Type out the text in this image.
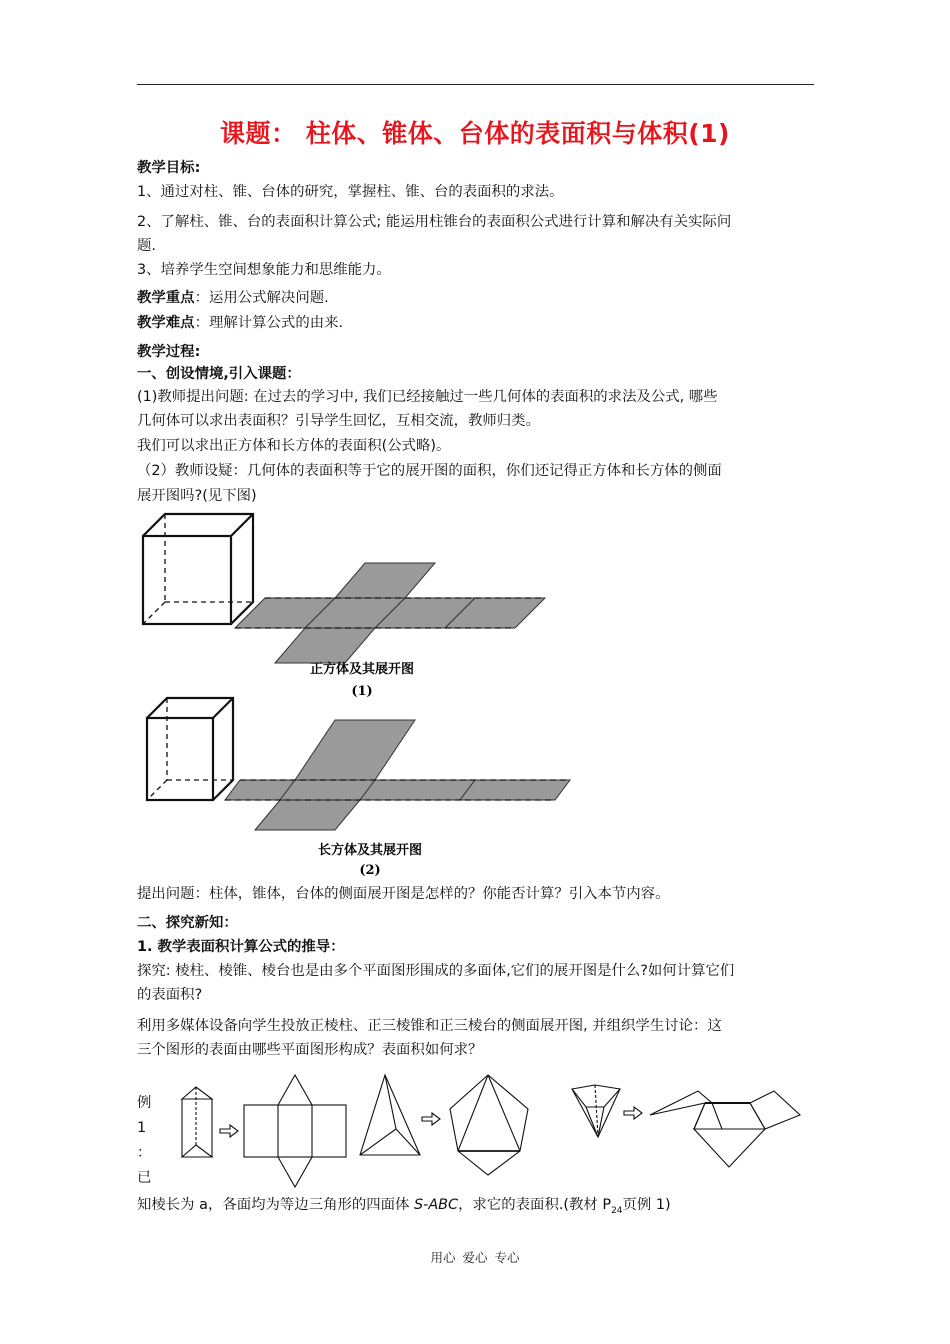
课题： 柱体、锥体、台体的表面积与体积(1)
教学目标:
1、通过对柱、锥、台体的研究，掌握柱、锥、台的表面积的求法。
2、了解柱、锥、台的表面积计算公式; 能运用柱锥台的表面积公式进行计算和解决有关实际问
题.
3、培养学生空间想象能力和思维能力。
教学重点：运用公式解决问题.
教学难点：理解计算公式的由来.
教学过程:
一、创设情境,引入课题：
(1)教师提出问题: 在过去的学习中, 我们已经接触过一些几何体的表面积的求法及公式, 哪些
几何体可以求出表面积？引导学生回忆，互相交流，教师归类。
我们可以求出正方体和长方体的表面积(公式略)。
（2）教师设疑：几何体的表面积等于它的展开图的面积，你们还记得正方体和长方体的侧面
展开图吗?(见下图)
正方体及其展开图
(1)
长方体及其展开图
(2)
提出问题：柱体，锥体，台体的侧面展开图是怎样的？你能否计算？引入本节内容。
二、探究新知：
1. 教学表面积计算公式的推导：
探究: 棱柱、棱锥、棱台也是由多个平面图形围成的多面体,它们的展开图是什么?如何计算它们
的表面积?
利用多媒体设备向学生投放正棱柱、正三棱锥和正三棱台的侧面展开图, 并组织学生讨论：这
三个图形的表面由哪些平面图形构成？表面积如何求？
例
1
：
已
知棱长为 a，各面均为等边三角形的四面体 S-ABC，求它的表面积.(教材 $P_{24}$页例 1)
用心 爱心 专心
